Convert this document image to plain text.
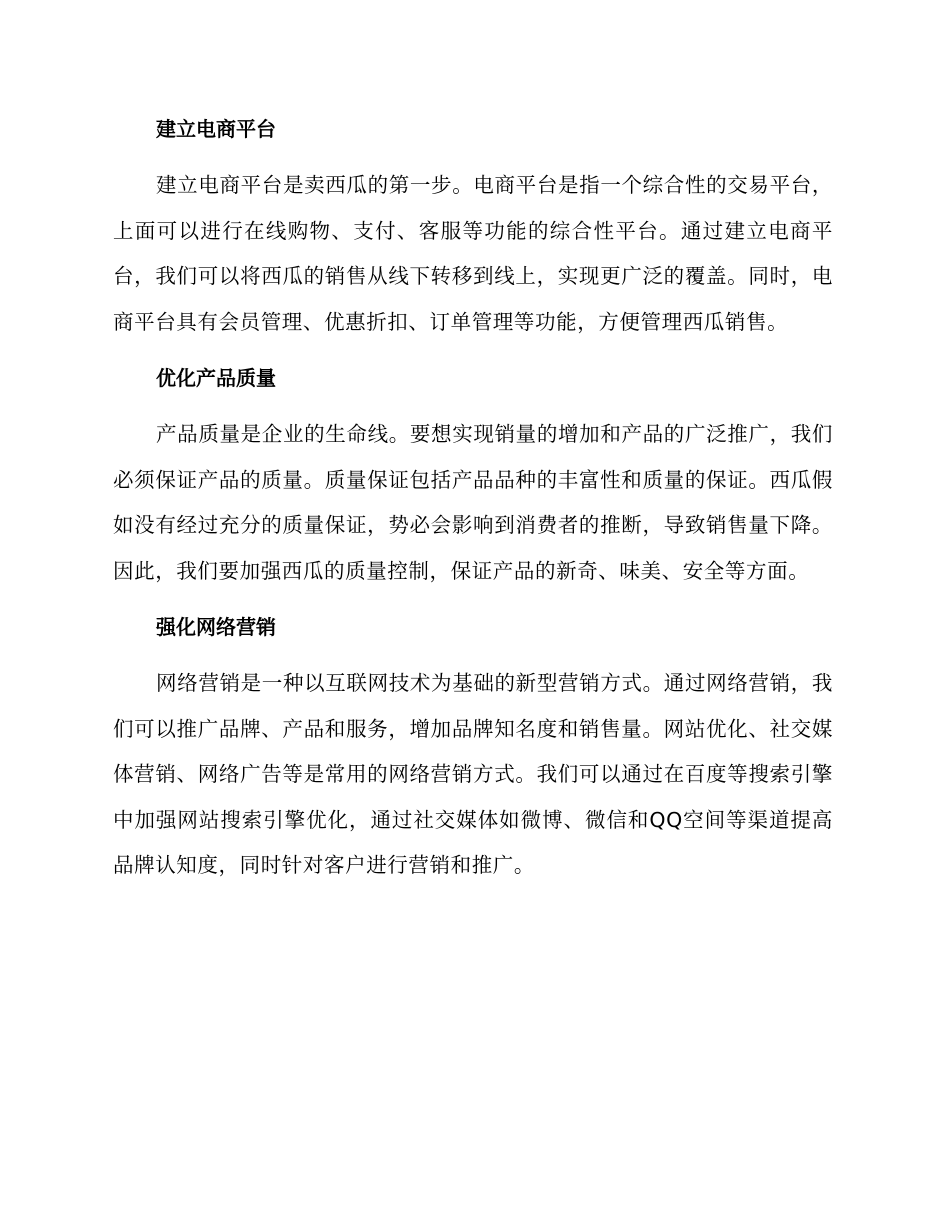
建立电商平台

建立电商平台是卖西瓜的第一步。电商平台是指一个综合性的交易平台，上面可以进行在线购物、支付、客服等功能的综合性平台。通过建立电商平台，我们可以将西瓜的销售从线下转移到线上，实现更广泛的覆盖。同时，电商平台具有会员管理、优惠折扣、订单管理等功能，方便管理西瓜销售。

优化产品质量

产品质量是企业的生命线。要想实现销量的增加和产品的广泛推广，我们必须保证产品的质量。质量保证包括产品品种的丰富性和质量的保证。西瓜假如没有经过充分的质量保证，势必会影响到消费者的推断，导致销售量下降。因此，我们要加强西瓜的质量控制，保证产品的新奇、味美、安全等方面。

强化网络营销

网络营销是一种以互联网技术为基础的新型营销方式。通过网络营销，我们可以推广品牌、产品和服务，增加品牌知名度和销售量。网站优化、社交媒体营销、网络广告等是常用的网络营销方式。我们可以通过在百度等搜索引擎中加强网站搜索引擎优化，通过社交媒体如微博、微信和QQ空间等渠道提高品牌认知度，同时针对客户进行营销和推广。
